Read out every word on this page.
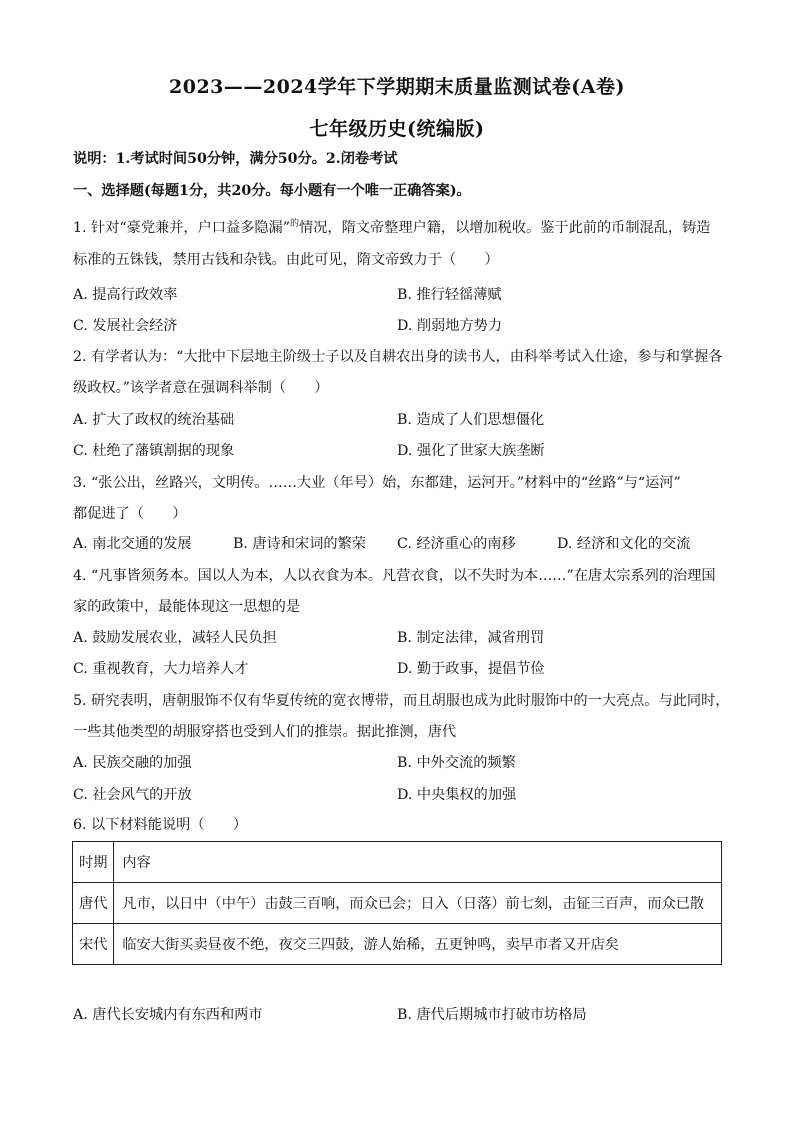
2023——2024学年下学期期末质量监测试卷(A卷)
七年级历史(统编版)
说明：1.考试时间50分钟，满分50分。2.闭卷考试
一、选择题(每题1分，共20分。每小题有一个唯一正确答案)。
1. 针对“豪党兼并，户口益多隐漏”$^的$情况，隋文帝整理户籍，以增加税收。鉴于此前的币制混乱，铸造
标准的五铢钱，禁用古钱和杂钱。由此可见，隋文帝致力于（　　）
A. 提高行政效率	B. 推行轻徭薄赋
C. 发展社会经济	D. 削弱地方势力
2. 有学者认为：“大批中下层地主阶级士子以及自耕农出身的读书人，由科举考试入仕途，参与和掌握各
级政权。”该学者意在强调科举制（　　）
A. 扩大了政权的统治基础	B. 造成了人们思想僵化
C. 杜绝了藩镇割据的现象	D. 强化了世家大族垄断
3. “张公出，丝路兴，文明传。……大业（年号）始，东都建，运河开。”材料中的“丝路”与“运河”
都促进了（　　）
A. 南北交通的发展	B. 唐诗和宋词的繁荣 C. 经济重心的南移	D. 经济和文化的交流
4. “凡事皆须务本。国以人为本，人以衣食为本。凡营衣食，以不失时为本……”在唐太宗系列的治理国
家的政策中，最能体现这一思想的是
A. 鼓励发展农业，减轻人民负担	B. 制定法律，减省刑罚
C. 重视教育，大力培养人才	D. 勤于政事，提倡节俭
5. 研究表明，唐朝服饰不仅有华夏传统的宽衣博带，而且胡服也成为此时服饰中的一大亮点。与此同时，
一些其他类型的胡服穿搭也受到人们的推崇。据此推测，唐代
A. 民族交融的加强	B. 中外交流的频繁
C. 社会风气的开放	D. 中央集权的加强
6. 以下材料能说明（　　）
时期	内容
唐代	凡市，以日中（中午）击鼓三百响，而众已会；日入（日落）前七刻，击钲三百声，而众已散
宋代	临安大街买卖昼夜不绝，夜交三四鼓，游人始稀，五更钟鸣，卖早市者又开店矣
A. 唐代长安城内有东西和两市	B. 唐代后期城市打破市坊格局
